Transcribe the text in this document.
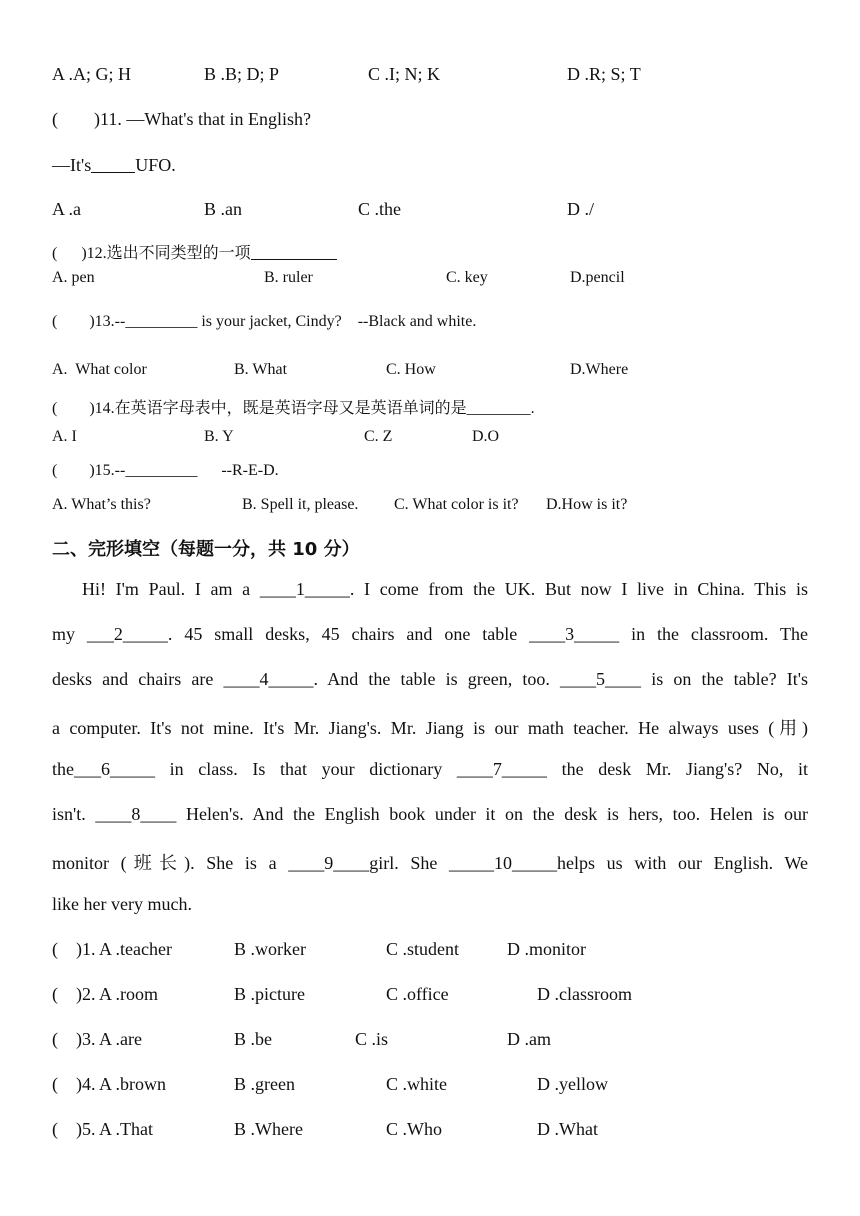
A .A; G; H	B .B; D; P	C .I; N; K	D .R; S; T
(        )11. —What's that in English?
—It's UFO.
A .a	B .an	C .the	D ./
(      )12.选出不同类型的一项
A. pen	B. ruler	C. key	D.pencil
(        )13.--_________ is your jacket, Cindy?    --Black and white.
A.  What color	B. What	C. How	D.Where
(        )14.在英语字母表中，既是英语字母又是英语单词的是________.
A. I	B. Y	C. Z	D.O
(        )15.--_________      --R-E-D.
A. What’s this?	B. Spell it, please. C. What color is it? D.How is it?
二、完形填空（每题一分，共 10 分）
Hi! I'm Paul. I am a ____1_____. I come from the UK. But now I live in China. This is
my ___2_____. 45 small desks, 45 chairs and one table ____3_____ in the classroom. The
desks and chairs are ____4_____. And the table is green, too. ____5____ is on the table? It's
a computer. It's not mine. It's Mr. Jiang's. Mr. Jiang is our math teacher. He always uses (用)
the___6_____ in class. Is that your dictionary ____7_____ the desk Mr. Jiang's? No, it
isn't. ____8____ Helen's. And the English book under it on the desk is hers, too. Helen is our
monitor (班长). She is a ____9____girl. She _____10_____helps us with our English. We
like her very much.
(    )1. A .teacher	B .worker	C .student	D .monitor
(    )2. A .room	B .picture	C .office	D .classroom
(    )3. A .are	B .be	C .is	D .am
(    )4. A .brown	B .green	C .white	D .yellow
(    )5. A .That	B .Where	C .Who	D .What
